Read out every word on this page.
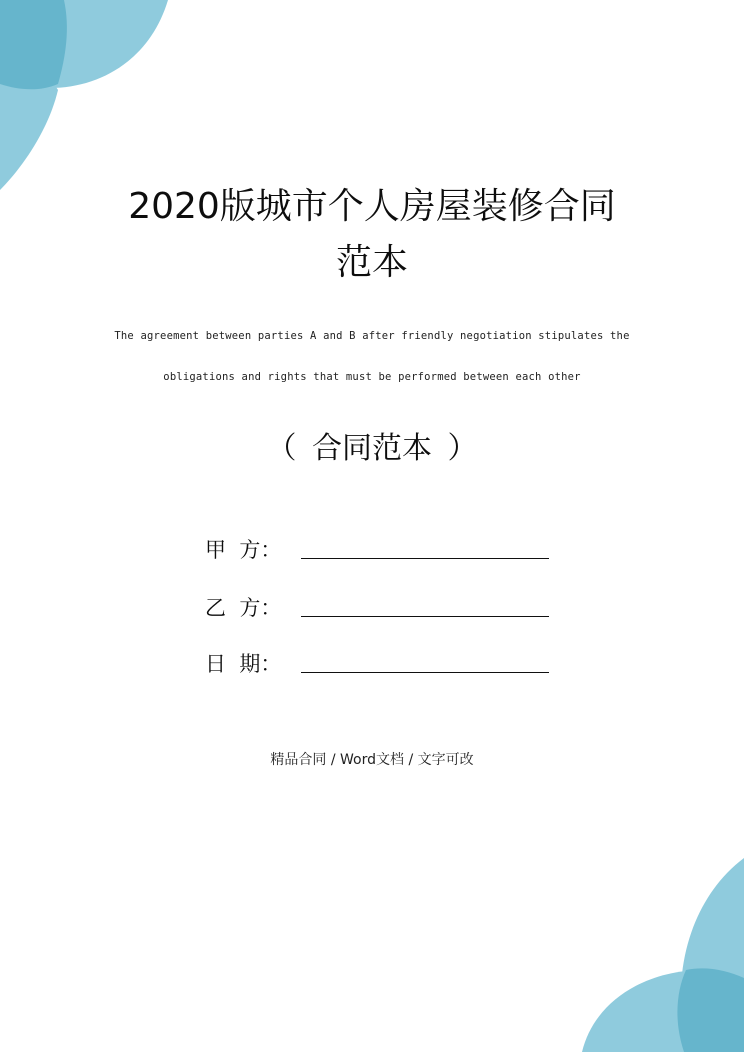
2020版城市个人房屋装修合同
范本
The agreement between parties A and B after friendly negotiation stipulates the
obligations and rights that must be performed between each other
（ 合同范本 ）
甲  方：
乙  方：
日  期：
精品合同 / Word文档 / 文字可改
